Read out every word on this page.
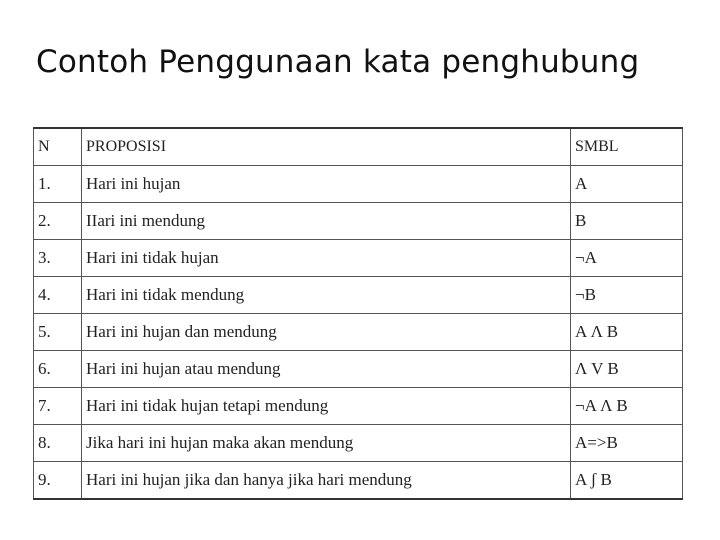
Contoh Penggunaan kata penghubung
N	PROPOSISI	SMBL
1.	Hari ini hujan	A
2.	IIari ini mendung	B
3.	Hari ini tidak hujan	¬A
4.	Hari ini tidak mendung	¬B
5.	Hari ini hujan dan mendung	A Λ B
6.	Hari ini hujan atau mendung	Λ V B
7.	Hari ini tidak hujan tetapi mendung	¬A Λ B
8.	Jika hari ini hujan maka akan mendung	A=>B
9.	Hari ini hujan jika dan hanya jika hari mendung	A ʃ B
